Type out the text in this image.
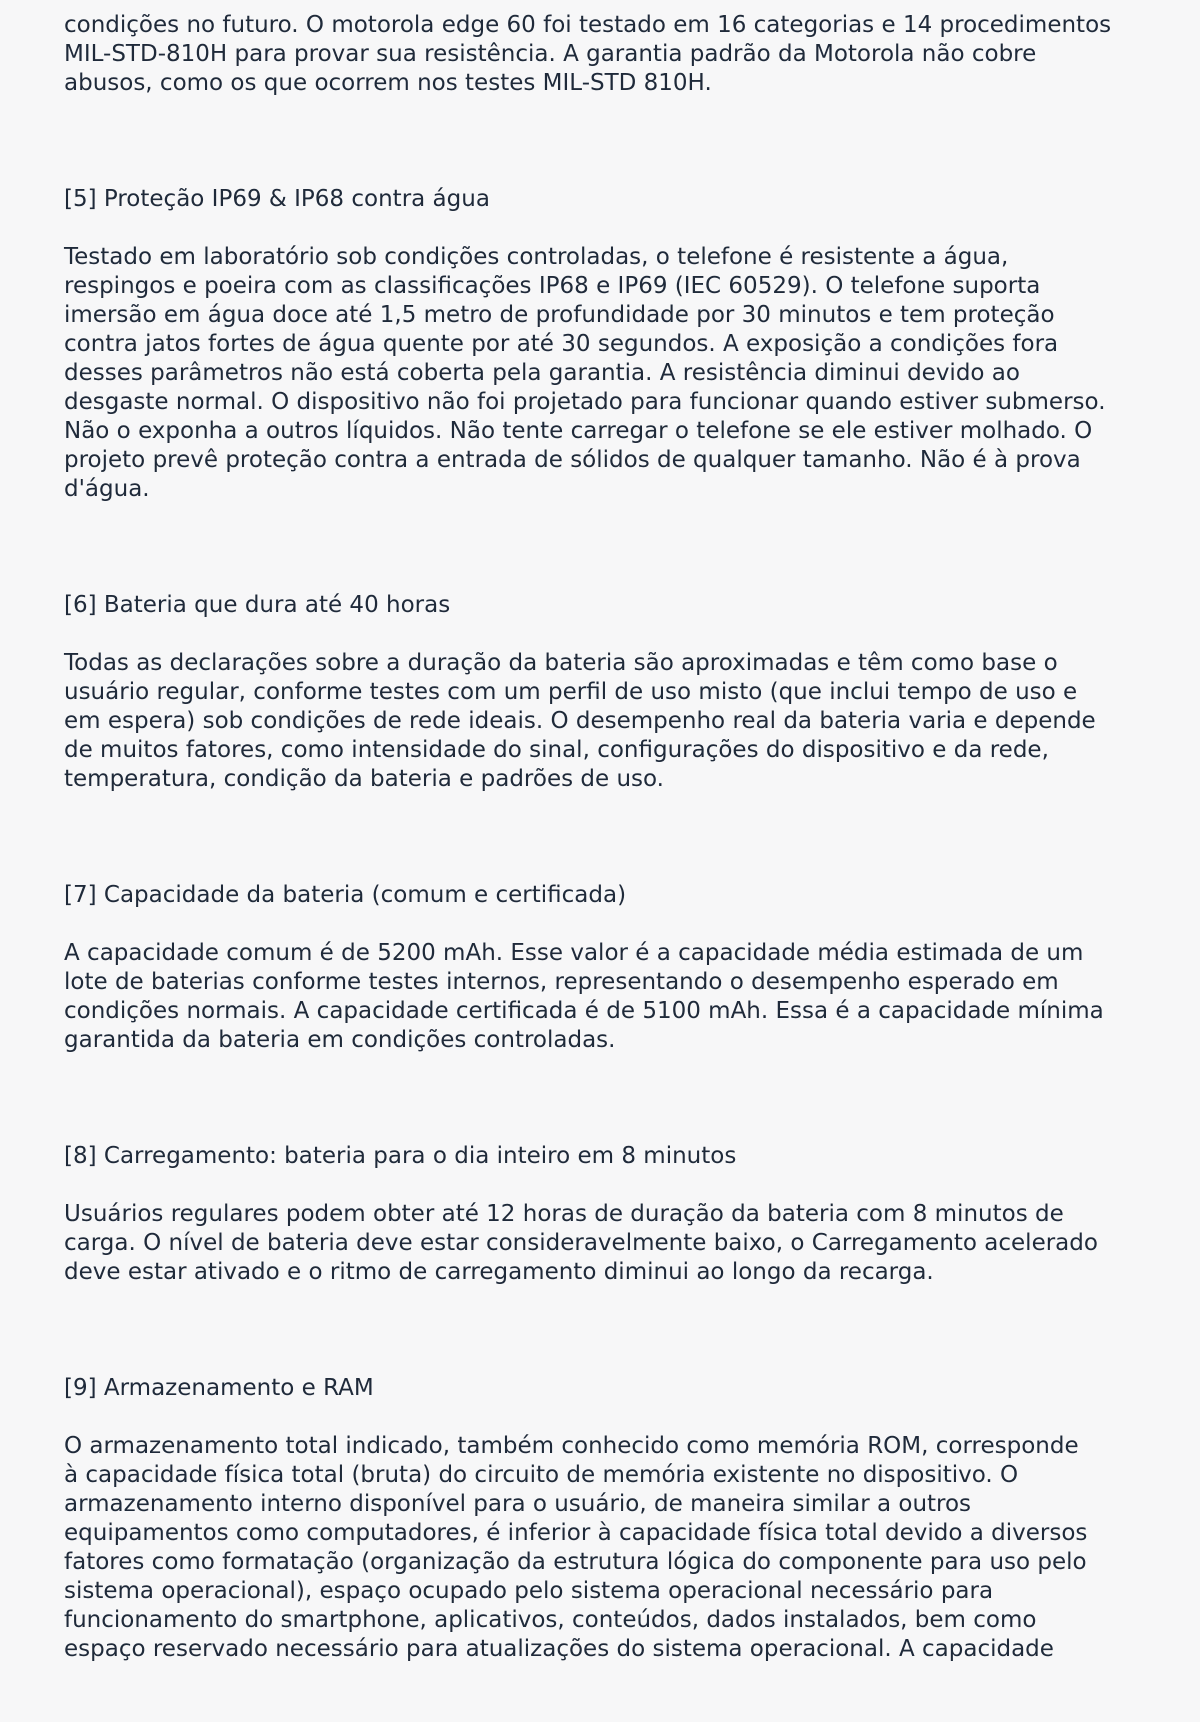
condições no futuro. O motorola edge 60 foi testado em 16 categorias e 14 procedimentos
MIL-STD-810H para provar sua resistência. A garantia padrão da Motorola não cobre
abusos, como os que ocorrem nos testes MIL-STD 810H.

[5] Proteção IP69 & IP68 contra água

Testado em laboratório sob condições controladas, o telefone é resistente a água,
respingos e poeira com as classificações IP68 e IP69 (IEC 60529). O telefone suporta
imersão em água doce até 1,5 metro de profundidade por 30 minutos e tem proteção
contra jatos fortes de água quente por até 30 segundos. A exposição a condições fora
desses parâmetros não está coberta pela garantia. A resistência diminui devido ao
desgaste normal. O dispositivo não foi projetado para funcionar quando estiver submerso.
Não o exponha a outros líquidos. Não tente carregar o telefone se ele estiver molhado. O
projeto prevê proteção contra a entrada de sólidos de qualquer tamanho. Não é à prova
d'água.

[6] Bateria que dura até 40 horas

Todas as declarações sobre a duração da bateria são aproximadas e têm como base o
usuário regular, conforme testes com um perfil de uso misto (que inclui tempo de uso e
em espera) sob condições de rede ideais. O desempenho real da bateria varia e depende
de muitos fatores, como intensidade do sinal, configurações do dispositivo e da rede,
temperatura, condição da bateria e padrões de uso.

[7] Capacidade da bateria (comum e certificada)

A capacidade comum é de 5200 mAh. Esse valor é a capacidade média estimada de um
lote de baterias conforme testes internos, representando o desempenho esperado em
condições normais. A capacidade certificada é de 5100 mAh. Essa é a capacidade mínima
garantida da bateria em condições controladas.

[8] Carregamento: bateria para o dia inteiro em 8 minutos

Usuários regulares podem obter até 12 horas de duração da bateria com 8 minutos de
carga. O nível de bateria deve estar consideravelmente baixo, o Carregamento acelerado
deve estar ativado e o ritmo de carregamento diminui ao longo da recarga.

[9] Armazenamento e RAM

O armazenamento total indicado, também conhecido como memória ROM, corresponde
à capacidade física total (bruta) do circuito de memória existente no dispositivo. O
armazenamento interno disponível para o usuário, de maneira similar a outros
equipamentos como computadores, é inferior à capacidade física total devido a diversos
fatores como formatação (organização da estrutura lógica do componente para uso pelo
sistema operacional), espaço ocupado pelo sistema operacional necessário para
funcionamento do smartphone, aplicativos, conteúdos, dados instalados, bem como
espaço reservado necessário para atualizações do sistema operacional. A capacidade
